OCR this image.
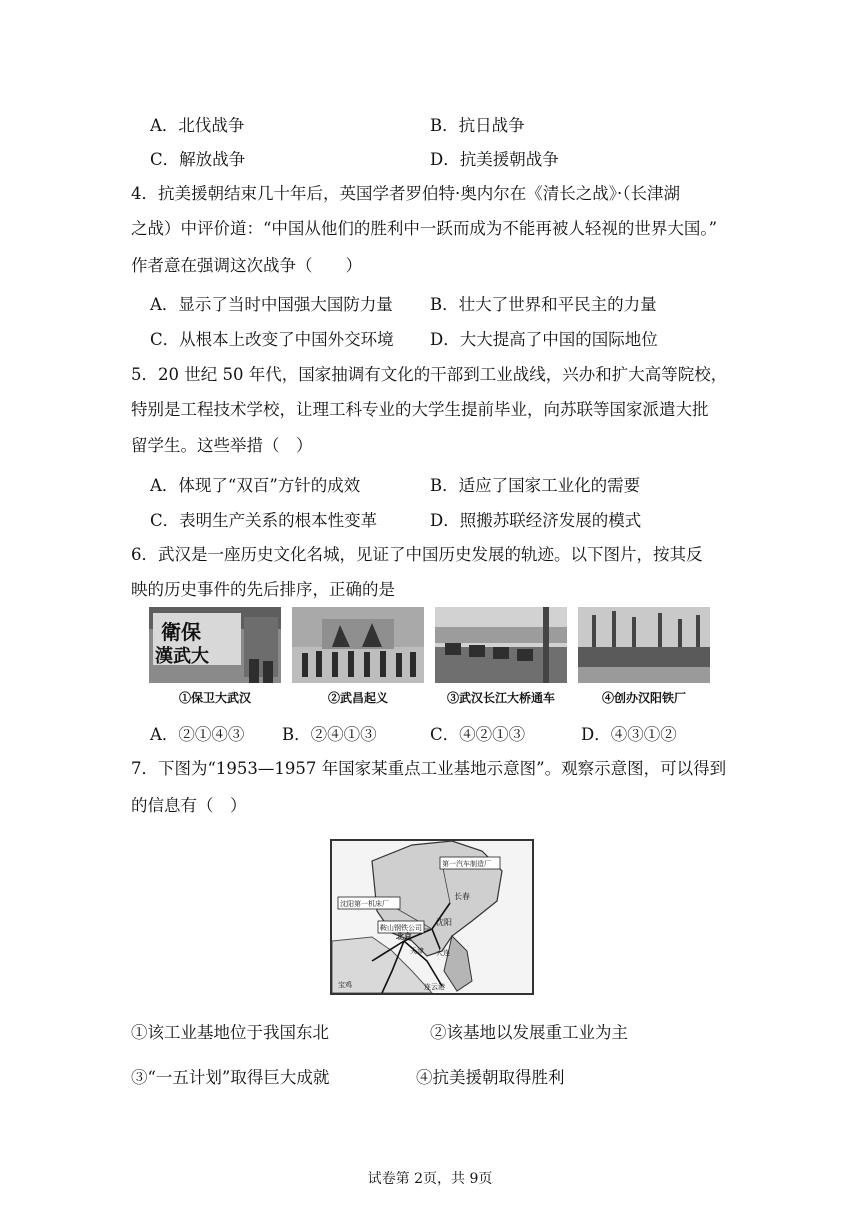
A．北伐战争	B．抗日战争
C．解放战争	D．抗美援朝战争
4．抗美援朝结束几十年后，英国学者罗伯特·奥内尔在《清长之战》·（长津湖
之战）中评价道：“中国从他们的胜利中一跃而成为不能再被人轻视的世界大国。”
作者意在强调这次战争（　　）
A．显示了当时中国强大国防力量 B．壮大了世界和平民主的力量
C．从根本上改变了中国外交环境 D．大大提高了中国的国际地位
5．20 世纪 50 年代，国家抽调有文化的干部到工业战线，兴办和扩大高等院校，
特别是工程技术学校，让理工科专业的大学生提前毕业，向苏联等国家派遣大批
留学生。这些举措（　）
A．体现了“双百”方针的成效	B．适应了国家工业化的需要
C．表明生产关系的根本性变革	D．照搬苏联经济发展的模式
6．武汉是一座历史文化名城，见证了中国历史发展的轨迹。以下图片，按其反
映的历史事件的先后排序，正确的是
衛保
漢武大
①保卫大武汉	②武昌起义	③武汉长江大桥通车	④创办汉阳铁厂
A．②①④③ B．②④①③	C．④②①③	D．④③①②
7．下图为“1953—1957 年国家某重点工业基地示意图”。观察示意图，可以得到
的信息有（　）
沈阳第一机床厂
第一汽车制造厂
鞍山钢铁公司
长春
沈阳
北京
天津 大连
宝鸡	连云港
①该工业基地位于我国东北	②该基地以发展重工业为主
③“一五计划”取得巨大成就	④抗美援朝取得胜利
试卷第 2页，共 9页
